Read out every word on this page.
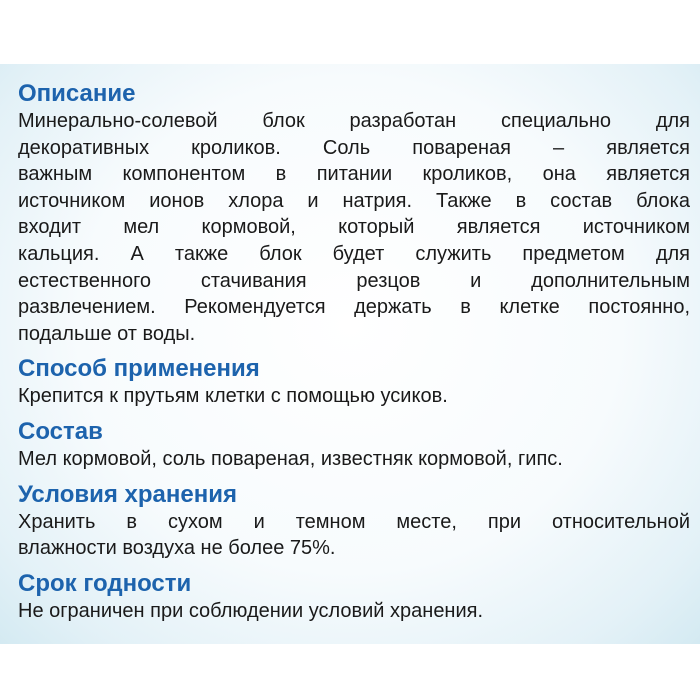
Описание

Минерально-солевой блок разработан специально для
декоративных кроликов. Соль повареная – является
важным компонентом в питании кроликов, она является
источником ионов хлора и натрия. Также в состав блока
входит мел кормовой, который является источником
кальция. А также блок будет служить предметом для
естественного стачивания резцов и дополнительным
развлечением. Рекомендуется держать в клетке постоянно,
подальше от воды.

Способ применения

Крепится к прутьям клетки с помощью усиков.

Состав

Мел кормовой, соль повареная, известняк кормовой, гипс.

Условия хранения

Хранить в сухом и темном месте, при относительной
влажности воздуха не более 75%.

Срок годности

Не ограничен при соблюдении условий хранения.
